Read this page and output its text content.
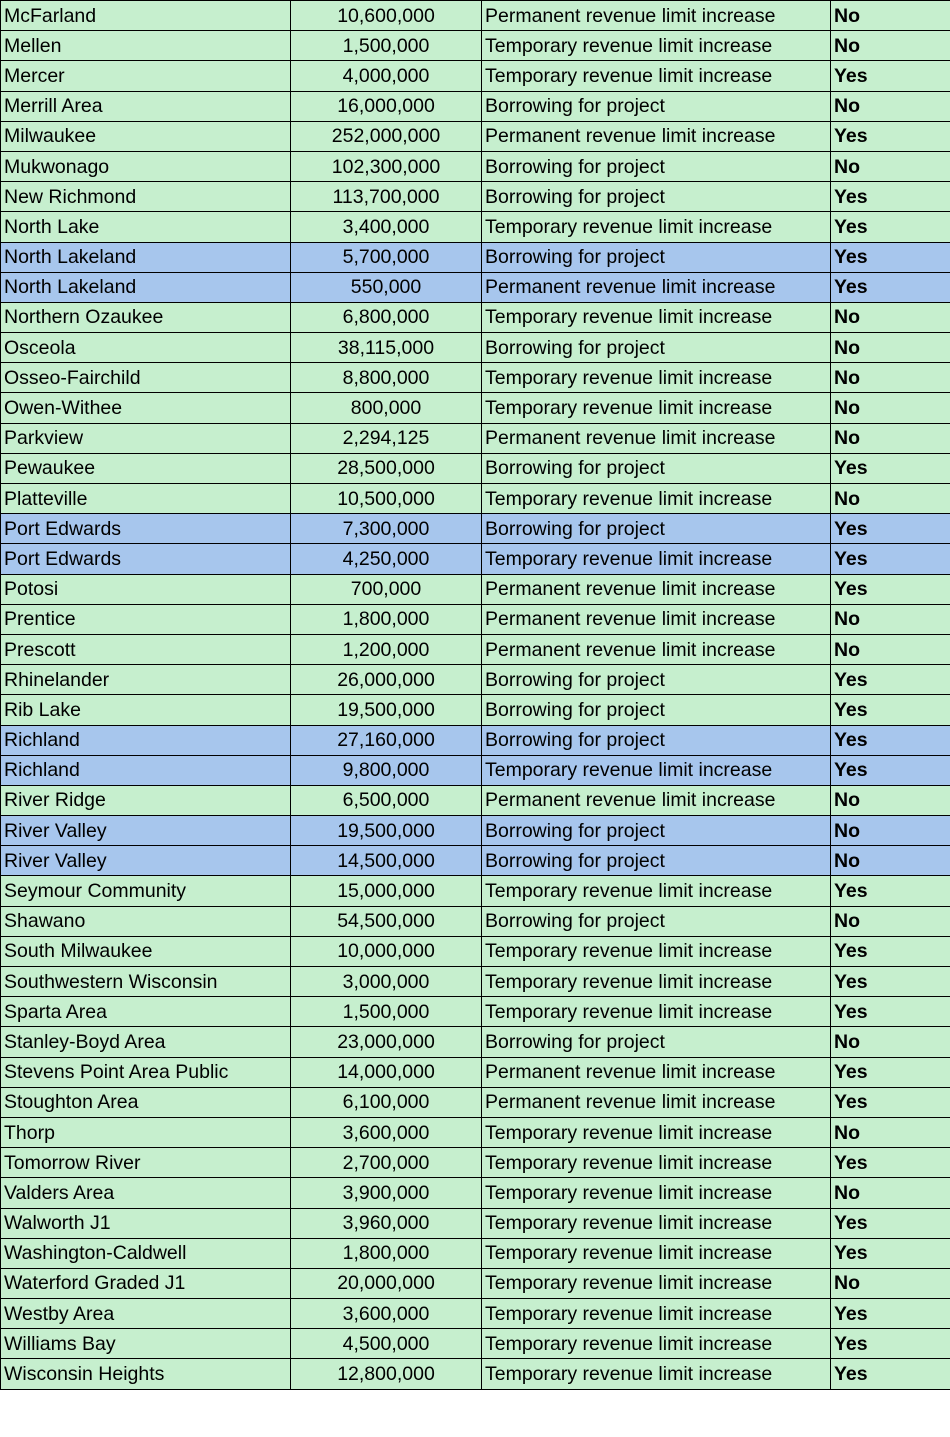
McFarland	10,600,000	Permanent revenue limit increase	No
Mellen	1,500,000	Temporary revenue limit increase	No
Mercer	4,000,000	Temporary revenue limit increase	Yes
Merrill Area	16,000,000	Borrowing for project	No
Milwaukee	252,000,000	Permanent revenue limit increase	Yes
Mukwonago	102,300,000	Borrowing for project	No
New Richmond	113,700,000	Borrowing for project	Yes
North Lake	3,400,000	Temporary revenue limit increase	Yes
North Lakeland	5,700,000	Borrowing for project	Yes
North Lakeland	550,000	Permanent revenue limit increase	Yes
Northern Ozaukee	6,800,000	Temporary revenue limit increase	No
Osceola	38,115,000	Borrowing for project	No
Osseo-Fairchild	8,800,000	Temporary revenue limit increase	No
Owen-Withee	800,000	Temporary revenue limit increase	No
Parkview	2,294,125	Permanent revenue limit increase	No
Pewaukee	28,500,000	Borrowing for project	Yes
Platteville	10,500,000	Temporary revenue limit increase	No
Port Edwards	7,300,000	Borrowing for project	Yes
Port Edwards	4,250,000	Temporary revenue limit increase	Yes
Potosi	700,000	Permanent revenue limit increase	Yes
Prentice	1,800,000	Permanent revenue limit increase	No
Prescott	1,200,000	Permanent revenue limit increase	No
Rhinelander	26,000,000	Borrowing for project	Yes
Rib Lake	19,500,000	Borrowing for project	Yes
Richland	27,160,000	Borrowing for project	Yes
Richland	9,800,000	Temporary revenue limit increase	Yes
River Ridge	6,500,000	Permanent revenue limit increase	No
River Valley	19,500,000	Borrowing for project	No
River Valley	14,500,000	Borrowing for project	No
Seymour Community	15,000,000	Temporary revenue limit increase	Yes
Shawano	54,500,000	Borrowing for project	No
South Milwaukee	10,000,000	Temporary revenue limit increase	Yes
Southwestern Wisconsin	3,000,000	Temporary revenue limit increase	Yes
Sparta Area	1,500,000	Temporary revenue limit increase	Yes
Stanley-Boyd Area	23,000,000	Borrowing for project	No
Stevens Point Area Public	14,000,000	Permanent revenue limit increase	Yes
Stoughton Area	6,100,000	Permanent revenue limit increase	Yes
Thorp	3,600,000	Temporary revenue limit increase	No
Tomorrow River	2,700,000	Temporary revenue limit increase	Yes
Valders Area	3,900,000	Temporary revenue limit increase	No
Walworth J1	3,960,000	Temporary revenue limit increase	Yes
Washington-Caldwell	1,800,000	Temporary revenue limit increase	Yes
Waterford Graded J1	20,000,000	Temporary revenue limit increase	No
Westby Area	3,600,000	Temporary revenue limit increase	Yes
Williams Bay	4,500,000	Temporary revenue limit increase	Yes
Wisconsin Heights	12,800,000	Temporary revenue limit increase	Yes
